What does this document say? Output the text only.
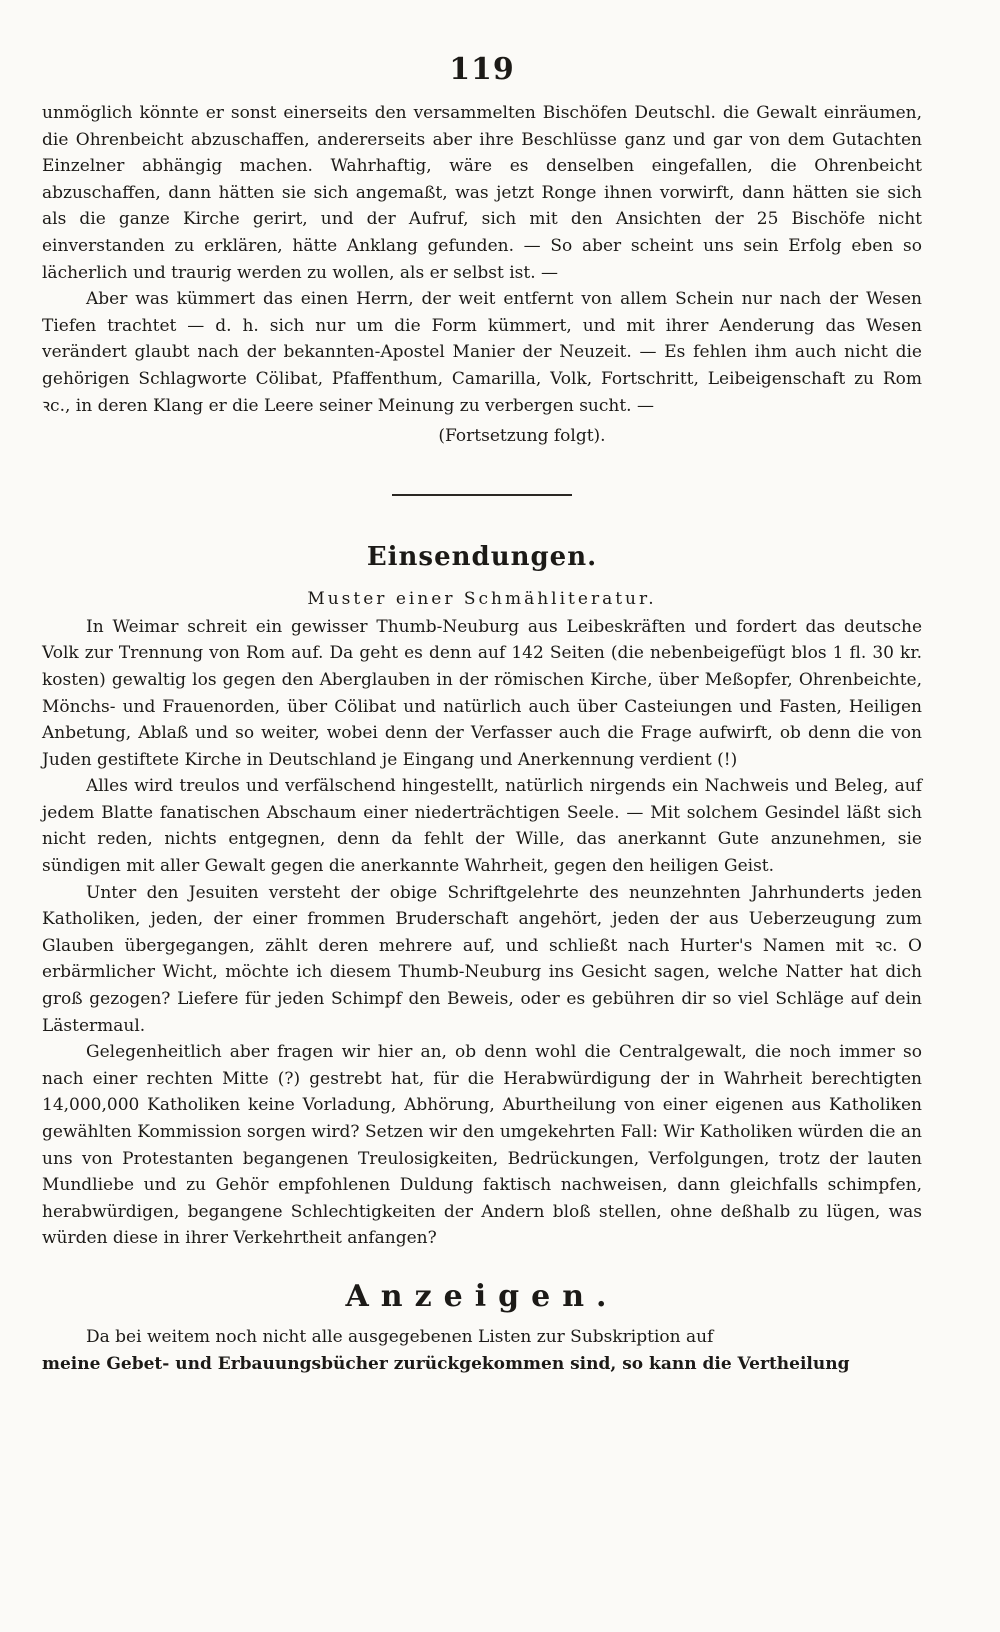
119

unmöglich könnte er sonst einerseits den versammelten Bischöfen Deutschl. die Gewalt einräumen, die Ohrenbeicht abzuschaffen, andererseits aber ihre Beschlüsse ganz und gar von dem Gutachten Einzelner abhängig machen. Wahrhaftig, wäre es denselben eingefallen, die Ohrenbeicht abzuschaffen, dann hätten sie sich angemaßt, was jetzt Ronge ihnen vorwirft, dann hätten sie sich als die ganze Kirche gerirt, und der Aufruf, sich mit den Ansichten der 25 Bischöfe nicht einverstanden zu erklären, hätte Anklang gefunden. — So aber scheint uns sein Erfolg eben so lächerlich und traurig werden zu wollen, als er selbst ist. —

Aber was kümmert das einen Herrn, der weit entfernt von allem Schein nur nach der Wesen Tiefen trachtet — d. h. sich nur um die Form kümmert, und mit ihrer Aenderung das Wesen verändert glaubt nach der bekannten-Apostel Manier der Neuzeit. — Es fehlen ihm auch nicht die gehörigen Schlagworte Cölibat, Pfaffenthum, Camarilla, Volk, Fortschritt, Leibeigenschaft zu Rom ꝛc., in deren Klang er die Leere seiner Meinung zu verbergen sucht. —

(Fortsetzung folgt).

Einsendungen.
Muster einer Schmähliteratur.

In Weimar schreit ein gewisser Thumb-Neuburg aus Leibeskräften und fordert das deutsche Volk zur Trennung von Rom auf. Da geht es denn auf 142 Seiten (die nebenbeigefügt blos 1 fl. 30 kr. kosten) gewaltig los gegen den Aberglauben in der römischen Kirche, über Meßopfer, Ohrenbeichte, Mönchs- und Frauenorden, über Cölibat und natürlich auch über Casteiungen und Fasten, Heiligen Anbetung, Ablaß und so weiter, wobei denn der Verfasser auch die Frage aufwirft, ob denn die von Juden gestiftete Kirche in Deutschland je Eingang und Anerkennung verdient (!)

Alles wird treulos und verfälschend hingestellt, natürlich nirgends ein Nachweis und Beleg, auf jedem Blatte fanatischen Abschaum einer niederträchtigen Seele. — Mit solchem Gesindel läßt sich nicht reden, nichts entgegnen, denn da fehlt der Wille, das anerkannt Gute anzunehmen, sie sündigen mit aller Gewalt gegen die anerkannte Wahrheit, gegen den heiligen Geist.

Unter den Jesuiten versteht der obige Schriftgelehrte des neunzehnten Jahrhunderts jeden Katholiken, jeden, der einer frommen Bruderschaft angehört, jeden der aus Ueberzeugung zum Glauben übergegangen, zählt deren mehrere auf, und schließt nach Hurter's Namen mit ꝛc. O erbärmlicher Wicht, möchte ich diesem Thumb-Neuburg ins Gesicht sagen, welche Natter hat dich groß gezogen? Liefere für jeden Schimpf den Beweis, oder es gebühren dir so viel Schläge auf dein Lästermaul.

Gelegenheitlich aber fragen wir hier an, ob denn wohl die Centralgewalt, die noch immer so nach einer rechten Mitte (?) gestrebt hat, für die Herabwürdigung der in Wahrheit berechtigten 14,000,000 Katholiken keine Vorladung, Abhörung, Aburtheilung von einer eigenen aus Katholiken gewählten Kommission sorgen wird? Setzen wir den umgekehrten Fall: Wir Katholiken würden die an uns von Protestanten begangenen Treulosigkeiten, Bedrückungen, Verfolgungen, trotz der lauten Mundliebe und zu Gehör empfohlenen Duldung faktisch nachweisen, dann gleichfalls schimpfen, herabwürdigen, begangene Schlechtigkeiten der Andern bloß stellen, ohne deßhalb zu lügen, was würden diese in ihrer Verkehrtheit anfangen?

Anzeigen.

Da bei weitem noch nicht alle ausgegebenen Listen zur Subskription auf

meine Gebet- und Erbauungsbücher zurückgekommen sind, so kann die Vertheilung
